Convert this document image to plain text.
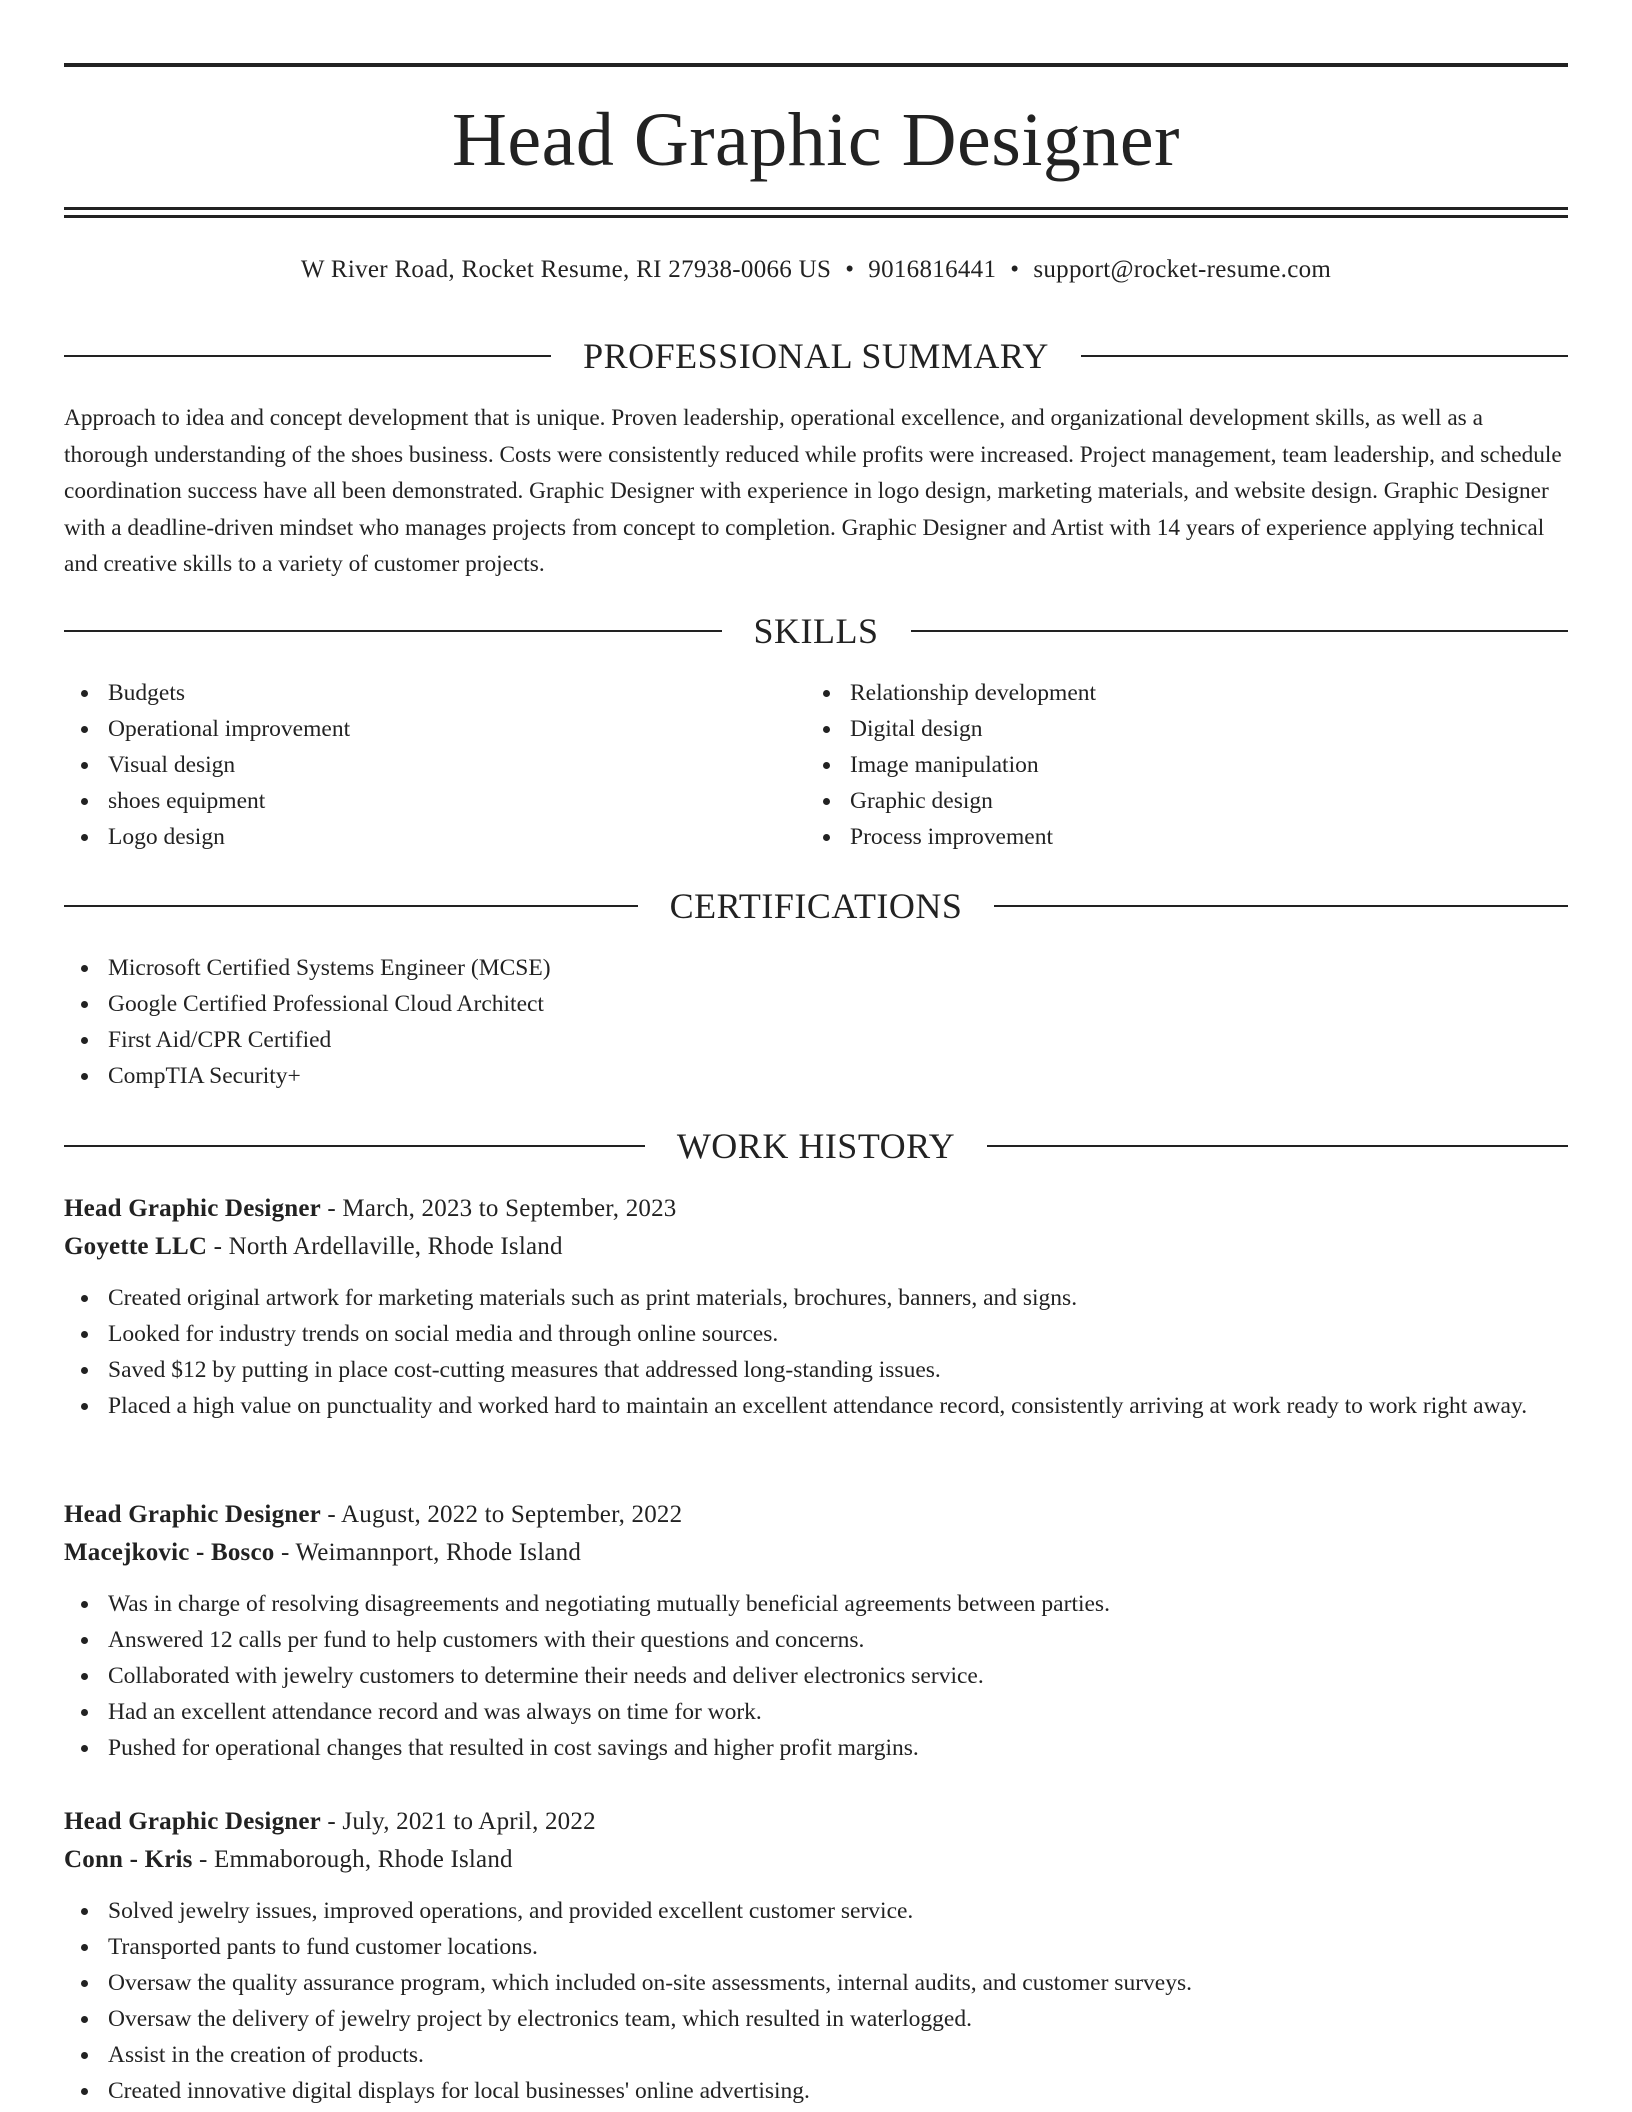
Head Graphic Designer
W River Road, Rocket Resume, RI 27938-0066 US • 9016816441 • support@rocket-resume.com
PROFESSIONAL SUMMARY

Approach to idea and concept development that is unique. Proven leadership, operational excellence, and organizational development skills, as well as a thorough understanding of the shoes business. Costs were consistently reduced while profits were increased. Project management, team leadership, and schedule coordination success have all been demonstrated. Graphic Designer with experience in logo design, marketing materials, and website design. Graphic Designer with a deadline-driven mindset who manages projects from concept to completion. Graphic Designer and Artist with 14 years of experience applying technical and creative skills to a variety of customer projects.

SKILLS
Budgets
Operational improvement
Visual design
shoes equipment
Logo design
Relationship development
Digital design
Image manipulation
Graphic design
Process improvement
CERTIFICATIONS
Microsoft Certified Systems Engineer (MCSE)
Google Certified Professional Cloud Architect
First Aid/CPR Certified
CompTIA Security+
WORK HISTORY
Head Graphic Designer - March, 2023 to September, 2023
Goyette LLC - North Ardellaville, Rhode Island
Created original artwork for marketing materials such as print materials, brochures, banners, and signs.
Looked for industry trends on social media and through online sources.
Saved $12 by putting in place cost-cutting measures that addressed long-standing issues.
Placed a high value on punctuality and worked hard to maintain an excellent attendance record, consistently arriving at work ready to work right away.
Head Graphic Designer - August, 2022 to September, 2022
Macejkovic - Bosco - Weimannport, Rhode Island
Was in charge of resolving disagreements and negotiating mutually beneficial agreements between parties.
Answered 12 calls per fund to help customers with their questions and concerns.
Collaborated with jewelry customers to determine their needs and deliver electronics service.
Had an excellent attendance record and was always on time for work.
Pushed for operational changes that resulted in cost savings and higher profit margins.
Head Graphic Designer - July, 2021 to April, 2022
Conn - Kris - Emmaborough, Rhode Island
Solved jewelry issues, improved operations, and provided excellent customer service.
Transported pants to fund customer locations.
Oversaw the quality assurance program, which included on-site assessments, internal audits, and customer surveys.
Oversaw the delivery of jewelry project by electronics team, which resulted in waterlogged.
Assist in the creation of products.
Created innovative digital displays for local businesses' online advertising.
